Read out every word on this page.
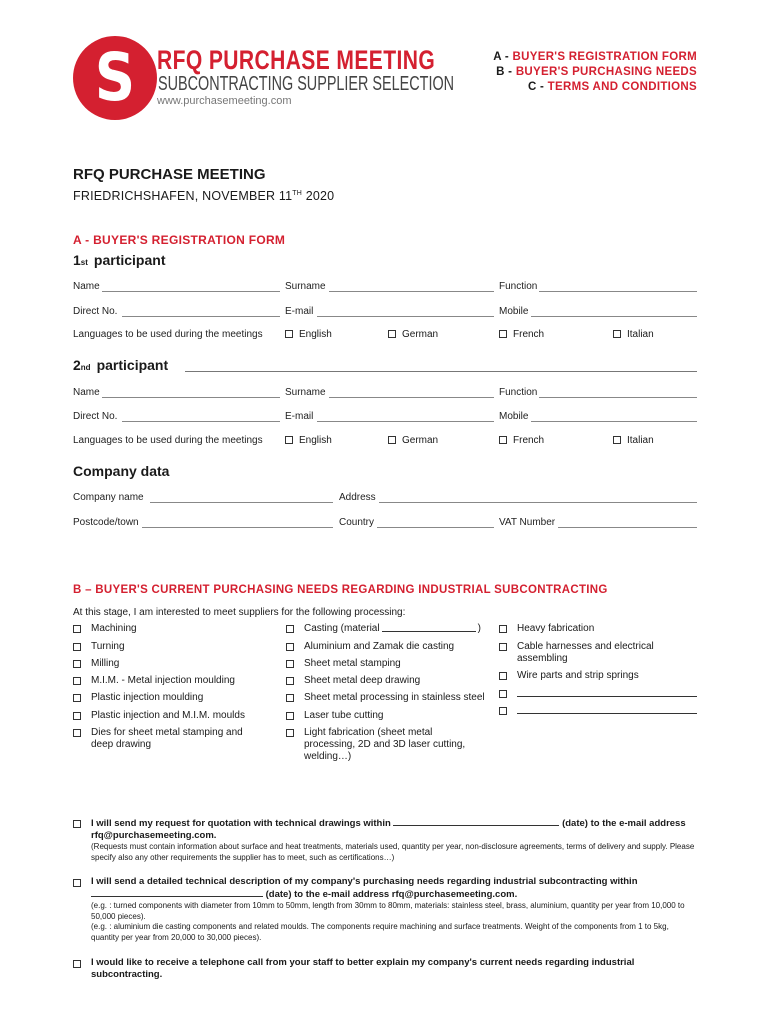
S RFQ PURCHASE MEETING
SUBCONTRACTING SUPPLIER SELECTION
www.purchasemeeting.com
A - BUYER'S REGISTRATION FORM
B - BUYER'S PURCHASING NEEDS
C - TERMS AND CONDITIONS
RFQ PURCHASE MEETING
FRIEDRICHSHAFEN, NOVEMBER 11TH 2020
A - BUYER'S REGISTRATION FORM
$1_{st}$ participant
Name	Surname	Function
Direct No.	E-mail	Mobile
Languages to be used during the meetings	English	German	French	Italian
$2_{nd}$ participant
Name	Surname	Function
Direct No.	E-mail	Mobile
Languages to be used during the meetings	English	German	French	Italian
Company data
Company name	Address
Postcode/town	Country	VAT Number
B – BUYER'S CURRENT PURCHASING NEEDS REGARDING INDUSTRIAL SUBCONTRACTING
At this stage, I am interested to meet suppliers for the following processing:
Machining
Turning
Milling
M.I.M. - Metal injection moulding
Plastic injection moulding
Plastic injection and M.I.M. moulds
Dies for sheet metal stamping and deep drawing
Casting (material	)
Aluminium and Zamak die casting
Sheet metal stamping
Sheet metal deep drawing
Sheet metal processing in stainless steel
Laser tube cutting
Light fabrication (sheet metal processing, 2D and 3D laser cutting, welding…)
Heavy fabrication
Cable harnesses and electrical assembling
Wire parts and strip springs
I will send my request for quotation with technical drawings within	(date) to the e-mail address rfq@purchasemeeting.com.
(Requests must contain information about surface and heat treatments, materials used, quantity per year, non-disclosure agreements, terms of delivery and supply. Please specify also any other requirements the supplier has to meet, such as certifications…)
I will send a detailed technical description of my company's purchasing needs regarding industrial subcontracting within  (date) to the e-mail address rfq@purchasemeeting.com.
(e.g. : turned components with diameter from 10mm to 50mm, length from 30mm to 80mm, materials: stainless steel, brass, aluminium, quantity per year from 10,000 to 50,000 pieces).
(e.g. : aluminium die casting components and related moulds. The components require machining and surface treatments. Weight of the components from 1 to 5kg, quantity per year from 20,000 to 30,000 pieces).
I would like to receive a telephone call from your staff to better explain my company's current needs regarding industrial subcontracting.
